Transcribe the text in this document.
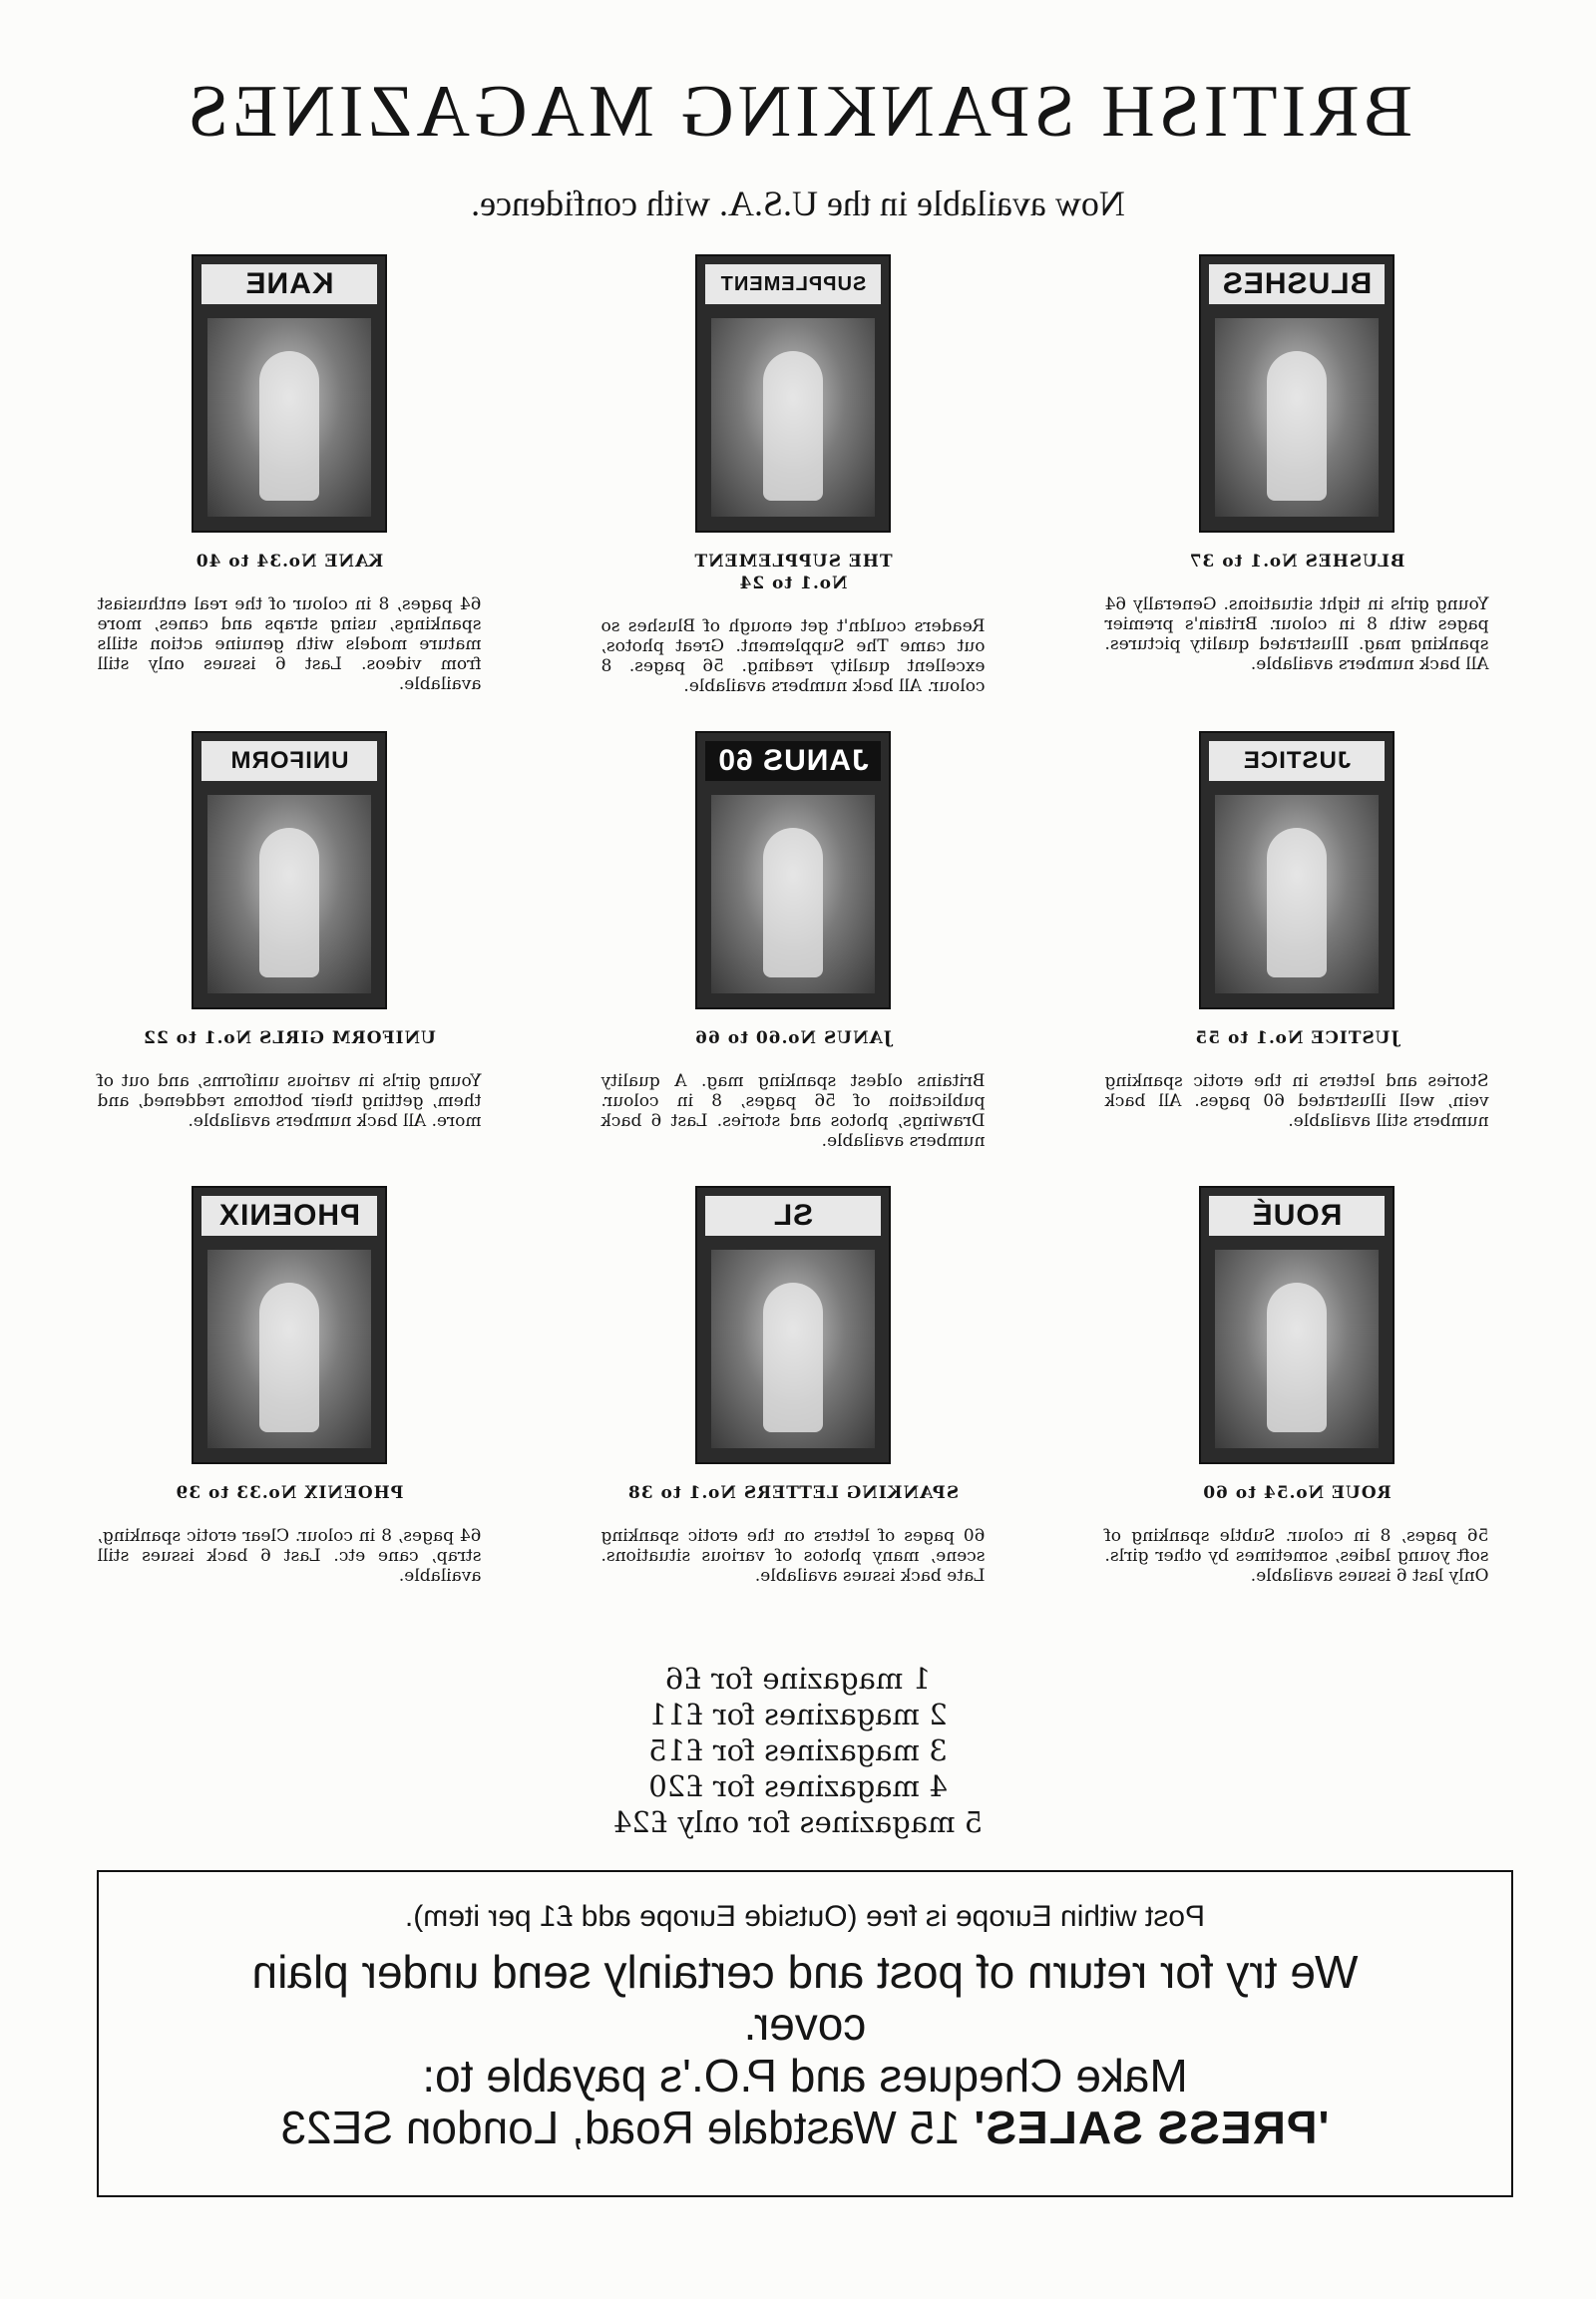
BRITISH SPANKING MAGAZINES
Now available in the U.S.A. with confidence.
BLUSHES
BLUSHES No.1 to 37
Young girls in tight situations. Generally 64 pages with 8 in colour. Britain's premier spanking mag. Illustrated quality pictures. All back numbers available.
SUPPLEMENT
THE SUPPLEMENT No.1 to 24
Readers couldn't get enough of Blushes so out came The Supplement. Great photos, excellent quality reading. 56 pages. 8 colour. All back numbers available.
KANE
KANE No.34 to 40
64 pages, 8 in colour of the real enthusiast spankings, using straps and canes, more mature models with genuine action stills from videos. Last 6 issues only still available.
JUSTICE
JUSTICE No.1 to 55
Stories and letters in the erotic spanking vein, well illustrated 60 pages. All back numbers still available.
JANUS 60
JANUS No.60 to 66
Britains oldest spanking mag. A quality publication of 56 pages, 8 in colour. Drawings, photos and stories. Last 6 back numbers available.
UNIFORM
UNIFORM GIRLS No.1 to 22
Young girls in various uniforms, and out of them, getting their bottoms reddened, and more. All back numbers available.
ROUÉ
ROUE No.54 to 60
56 pages, 8 in colour. Subtle spanking of soft young ladies, sometimes by other girls. Only last 6 issues available.
SL
SPANKING LETTERS No.1 to 38
60 pages of letters on the erotic spanking scene, many photos of various situations. Late back issues available.
PHOENIX
PHOENIX No.33 to 39
64 pages, 8 in colour. Clear erotic spanking, strap, cane etc. Last 6 back issues still available.
1 magazine for £6
2 magazines for £11
3 magazines for £15
4 magazines for £20
5 magazines for only £24
Post within Europe is free (Outside Europe add £1 per item).
We try for return of post and certainly send under plain cover.
Make Cheques and P.O.'s payable to:
'PRESS SALES' 15 Wastdale Road, London SE23
